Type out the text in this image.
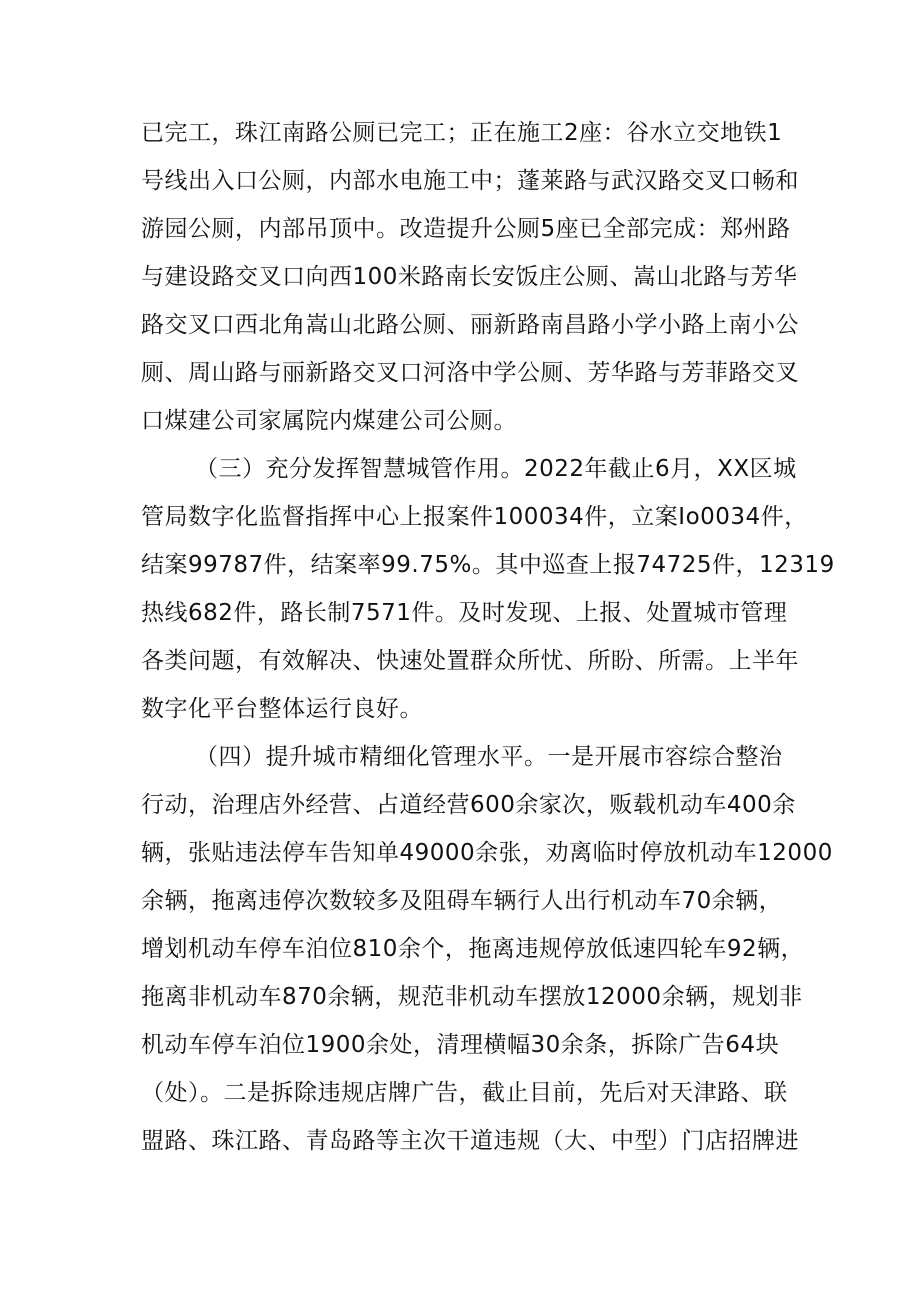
已完工，珠江南路公厕已完工；正在施工2座：谷水立交地铁1
号线出入口公厕，内部水电施工中；蓬莱路与武汉路交叉口畅和
游园公厕，内部吊顶中。改造提升公厕5座已全部完成：郑州路
与建设路交叉口向西100米路南长安饭庄公厕、嵩山北路与芳华
路交叉口西北角嵩山北路公厕、丽新路南昌路小学小路上南小公
厕、周山路与丽新路交叉口河洛中学公厕、芳华路与芳菲路交叉
口煤建公司家属院内煤建公司公厕。
（三）充分发挥智慧城管作用。2022年截止6月，XX区城
管局数字化监督指挥中心上报案件100034件，立案Io0034件，
结案99787件，结案率99.75%。其中巡查上报74725件，12319
热线682件，路长制7571件。及时发现、上报、处置城市管理
各类问题，有效解决、快速处置群众所忧、所盼、所需。上半年
数字化平台整体运行良好。
（四）提升城市精细化管理水平。一是开展市容综合整治
行动，治理店外经营、占道经营600余家次，贩载机动车400余
辆，张贴违法停车告知单49000余张，劝离临时停放机动车12000
余辆，拖离违停次数较多及阻碍车辆行人出行机动车70余辆，
增划机动车停车泊位810余个，拖离违规停放低速四轮车92辆，
拖离非机动车870余辆，规范非机动车摆放12000余辆，规划非
机动车停车泊位1900余处，清理横幅30余条，拆除广告64块
（处）。二是拆除违规店牌广告，截止目前，先后对天津路、联
盟路、珠江路、青岛路等主次干道违规（大、中型）门店招牌进
